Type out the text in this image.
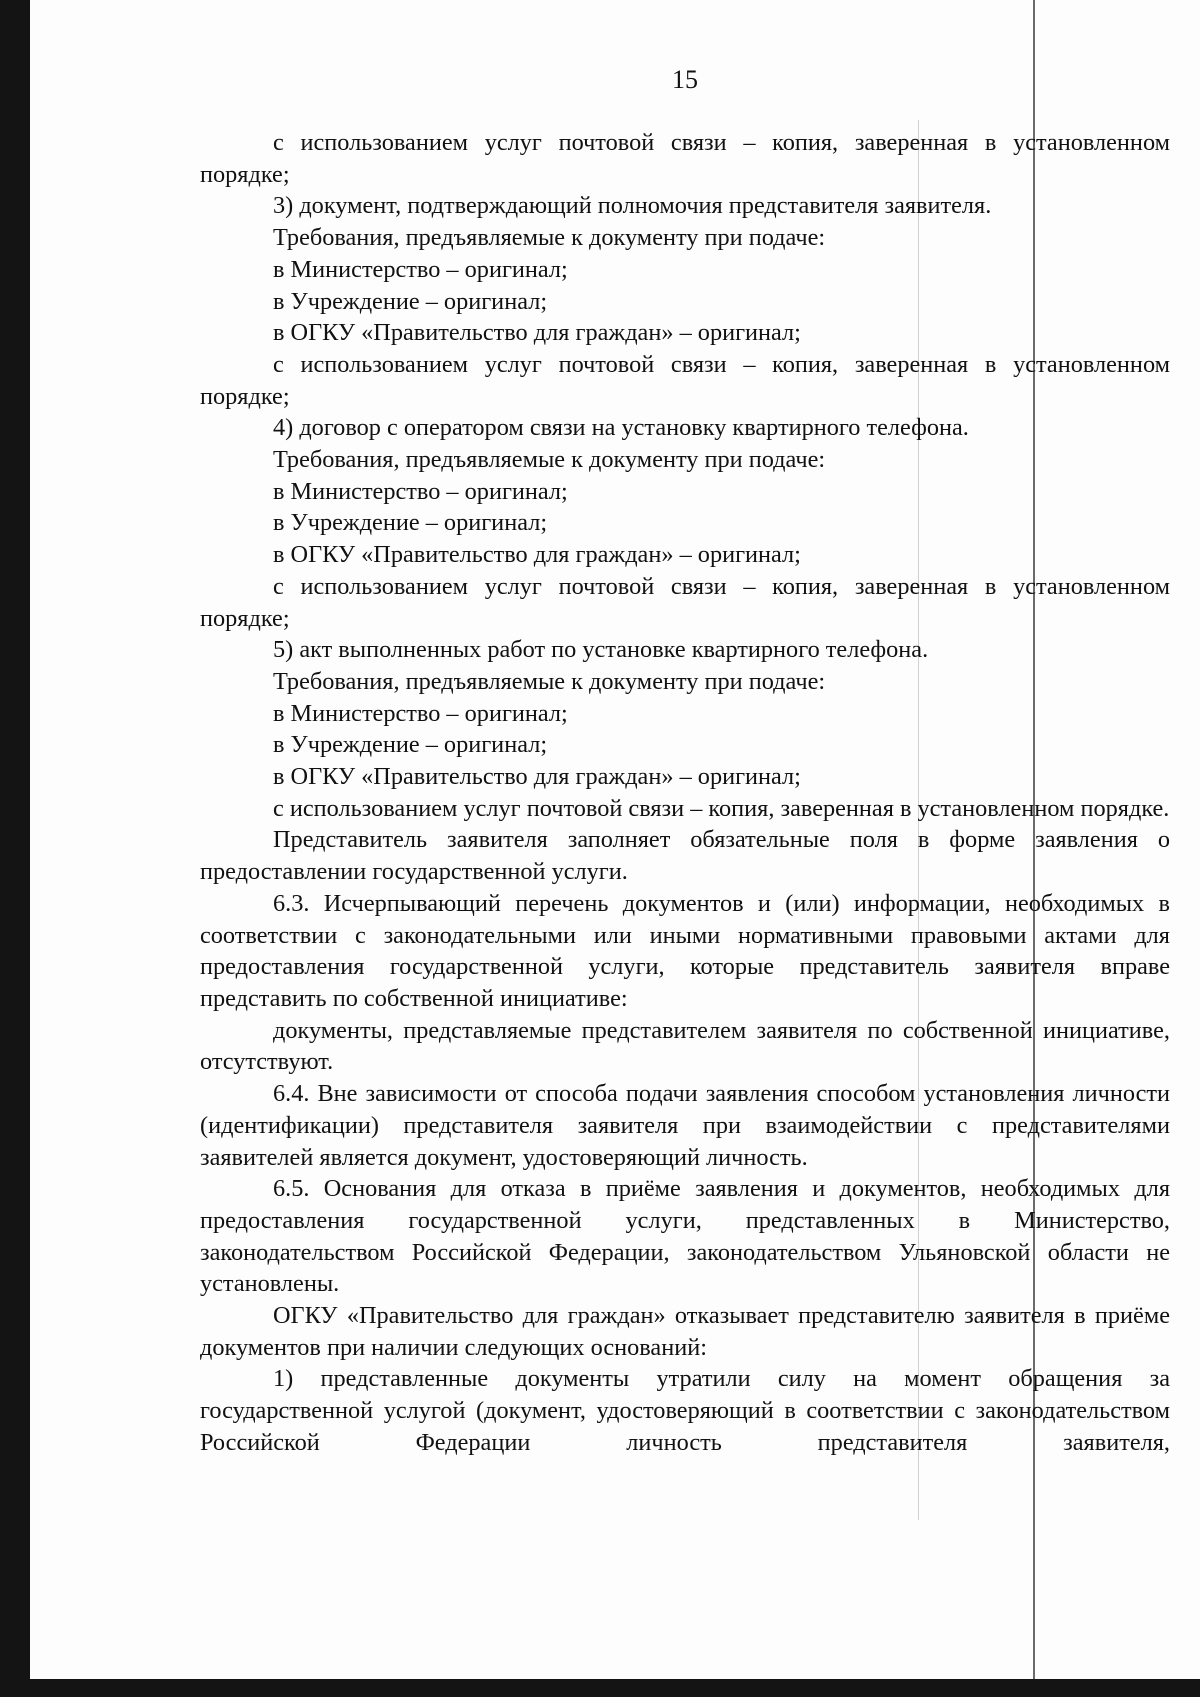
15

с использованием услуг почтовой связи – копия, заверенная в установленном порядке;

3) документ, подтверждающий полномочия представителя заявителя.

Требования, предъявляемые к документу при подаче:

в Министерство – оригинал;

в Учреждение – оригинал;

в ОГКУ «Правительство для граждан» – оригинал;

с использованием услуг почтовой связи – копия, заверенная в установленном порядке;

4) договор с оператором связи на установку квартирного телефона.

Требования, предъявляемые к документу при подаче:

в Министерство – оригинал;

в Учреждение – оригинал;

в ОГКУ «Правительство для граждан» – оригинал;

с использованием услуг почтовой связи – копия, заверенная в установленном порядке;

5) акт выполненных работ по установке квартирного телефона.

Требования, предъявляемые к документу при подаче:

в Министерство – оригинал;

в Учреждение – оригинал;

в ОГКУ «Правительство для граждан» – оригинал;

с использованием услуг почтовой связи – копия, заверенная в установленном порядке.

Представитель заявителя заполняет обязательные поля в форме заявления о предоставлении государственной услуги.

6.3. Исчерпывающий перечень документов и (или) информации, необходимых в соответствии с законодательными или иными нормативными правовыми актами для предоставления государственной услуги, которые представитель заявителя вправе представить по собственной инициативе:

документы, представляемые представителем заявителя по собственной инициативе, отсутствуют.

6.4. Вне зависимости от способа подачи заявления способом установления личности (идентификации) представителя заявителя при взаимодействии с представителями заявителей является документ, удостоверяющий личность.

6.5. Основания для отказа в приёме заявления и документов, необходимых для предоставления государственной услуги, представленных в Министерство, законодательством Российской Федерации, законодательством Ульяновской области не установлены.

ОГКУ «Правительство для граждан» отказывает представителю заявителя в приёме документов при наличии следующих оснований:

1) представленные документы утратили силу на момент обращения за государственной услугой (документ, удостоверяющий в соответствии с законодательством Российской Федерации личность представителя заявителя,
